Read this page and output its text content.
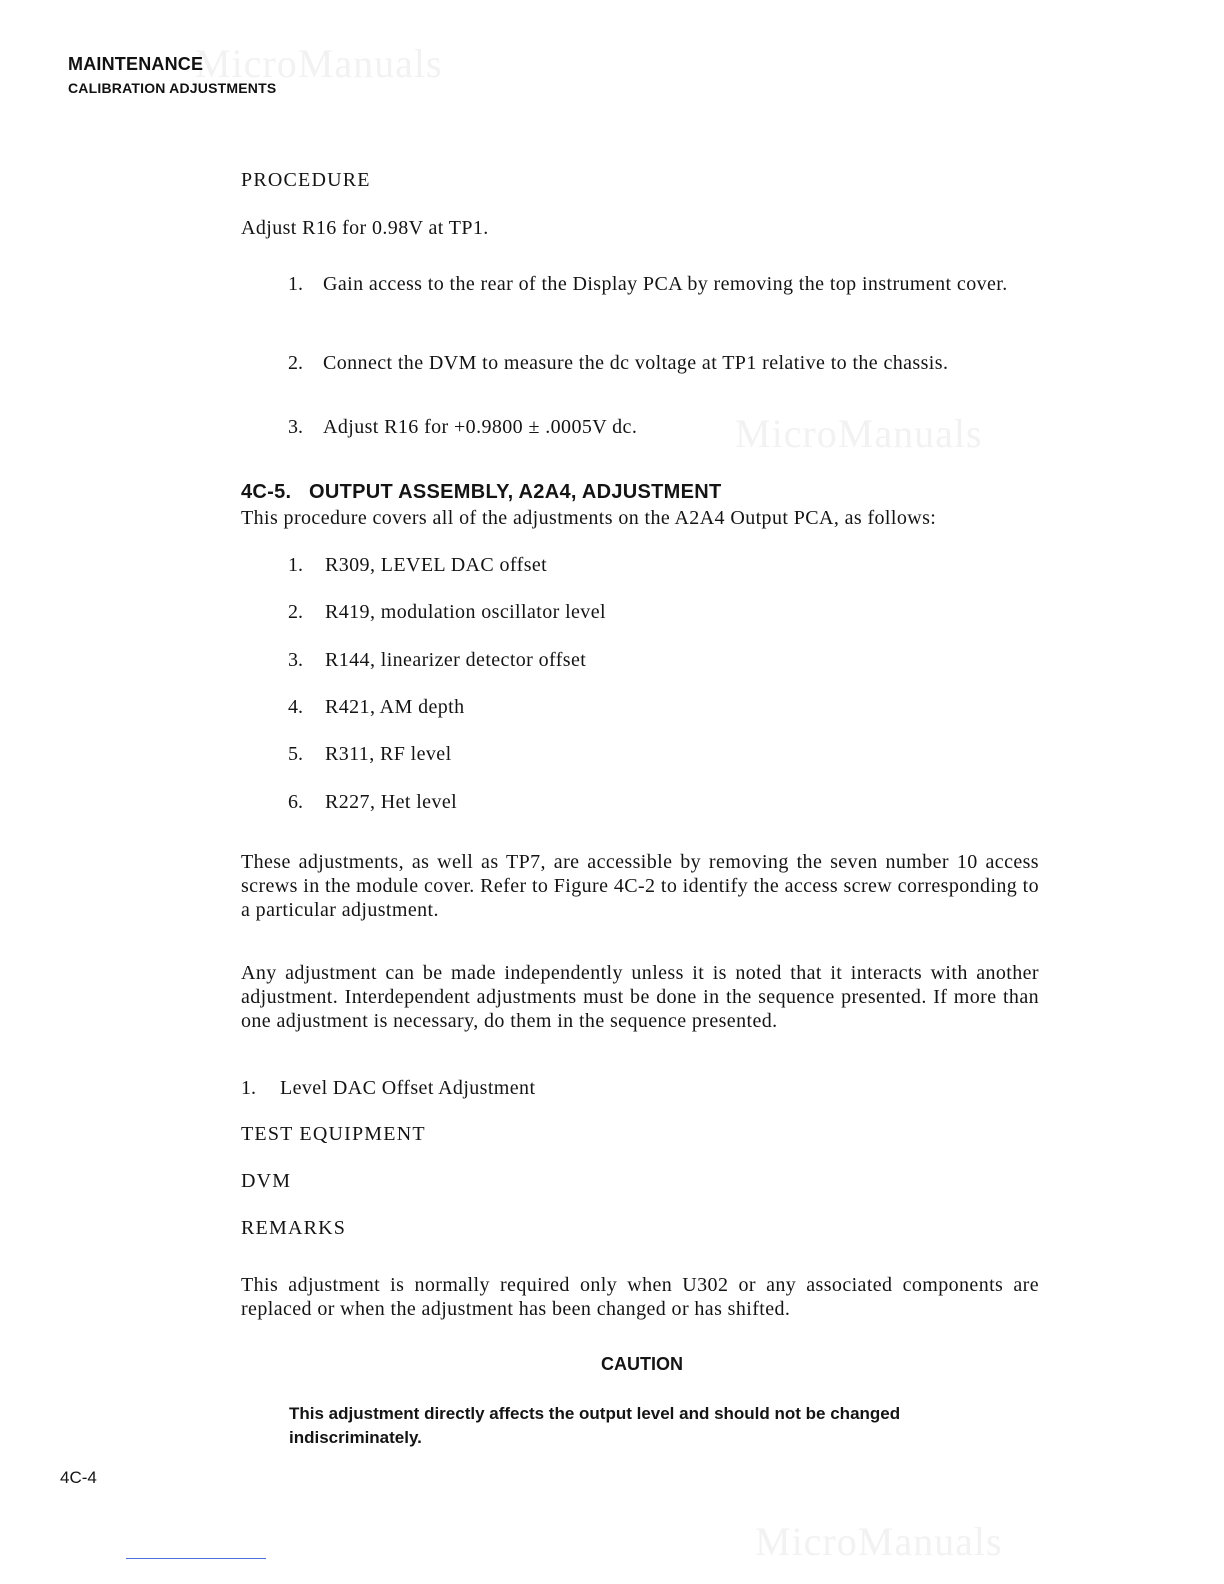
MicroManuals
MicroManuals
MicroManuals
MAINTENANCE
CALIBRATION ADJUSTMENTS
PROCEDURE
Adjust R16 for 0.98V at TP1.
1. Gain access to the rear of the Display PCA by removing the top instrument cover.
2. Connect the DVM to measure the dc voltage at TP1 relative to the chassis.
3. Adjust R16 for +0.9800 ± .0005V dc.
4C-5.   OUTPUT ASSEMBLY, A2A4, ADJUSTMENT
This procedure covers all of the adjustments on the A2A4 Output PCA, as follows:
1. R309, LEVEL DAC offset
2. R419, modulation oscillator level
3. R144, linearizer detector offset
4. R421, AM depth
5. R311, RF level
6. R227, Het level
These adjustments, as well as TP7, are accessible by removing the seven number 10 access screws in the module cover. Refer to Figure 4C-2 to identify the access screw corresponding to a particular adjustment.
Any adjustment can be made independently unless it is noted that it interacts with another adjustment. Interdependent adjustments must be done in the sequence presented. If more than one adjustment is necessary, do them in the sequence presented.
1. Level DAC Offset Adjustment
TEST EQUIPMENT
DVM
REMARKS
This adjustment is normally required only when U302 or any associated components are replaced or when the adjustment has been changed or has shifted.
CAUTION
This adjustment directly affects the output level and should not be changed indiscriminately.
4C-4
